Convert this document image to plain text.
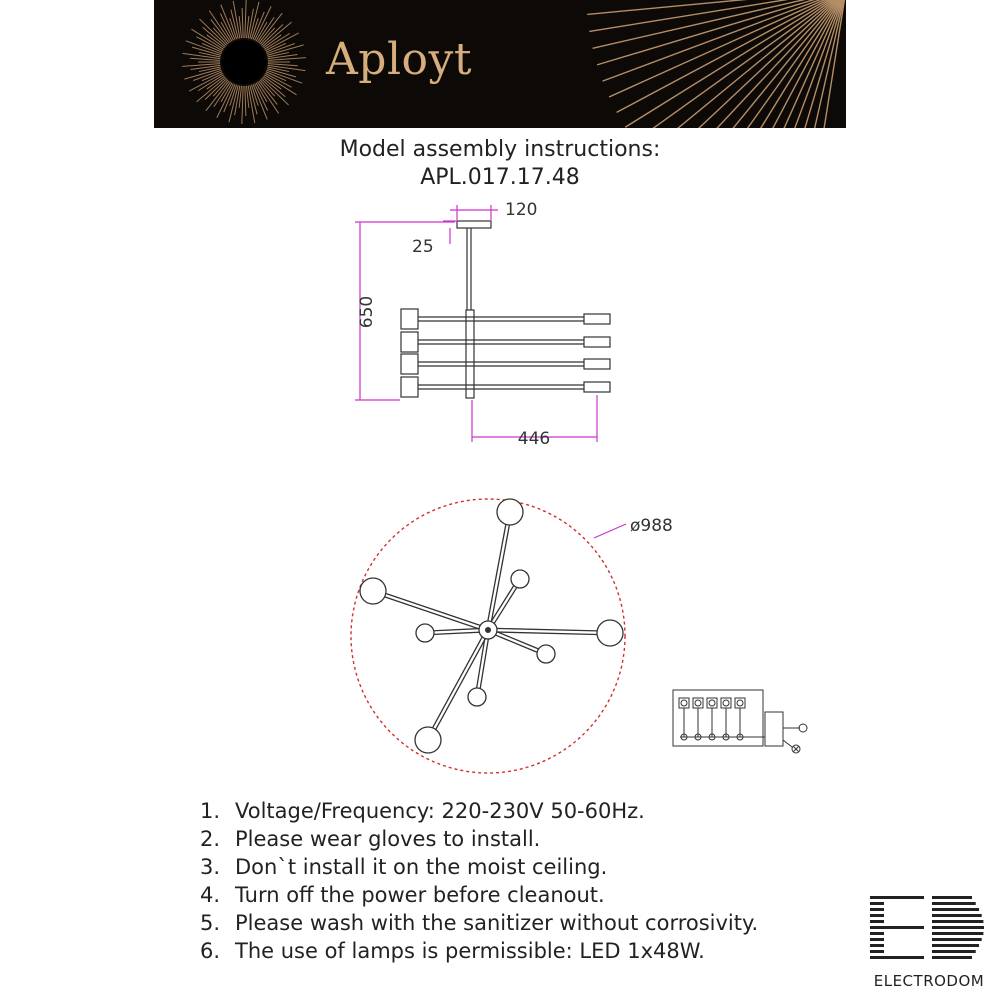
Aployt
Model assembly instructions:
APL.017.17.48
120
25
650
446
ø988
1. Voltage/Frequency: 220-230V 50-60Hz.
2. Please wear gloves to install.
3. Don`t install it on the moist ceiling.
4. Turn off the power before cleanout.
5. Please wash with the sanitizer without corrosivity.
6. The use of lamps is permissible: LED 1x48W.
ELECTRODOM
